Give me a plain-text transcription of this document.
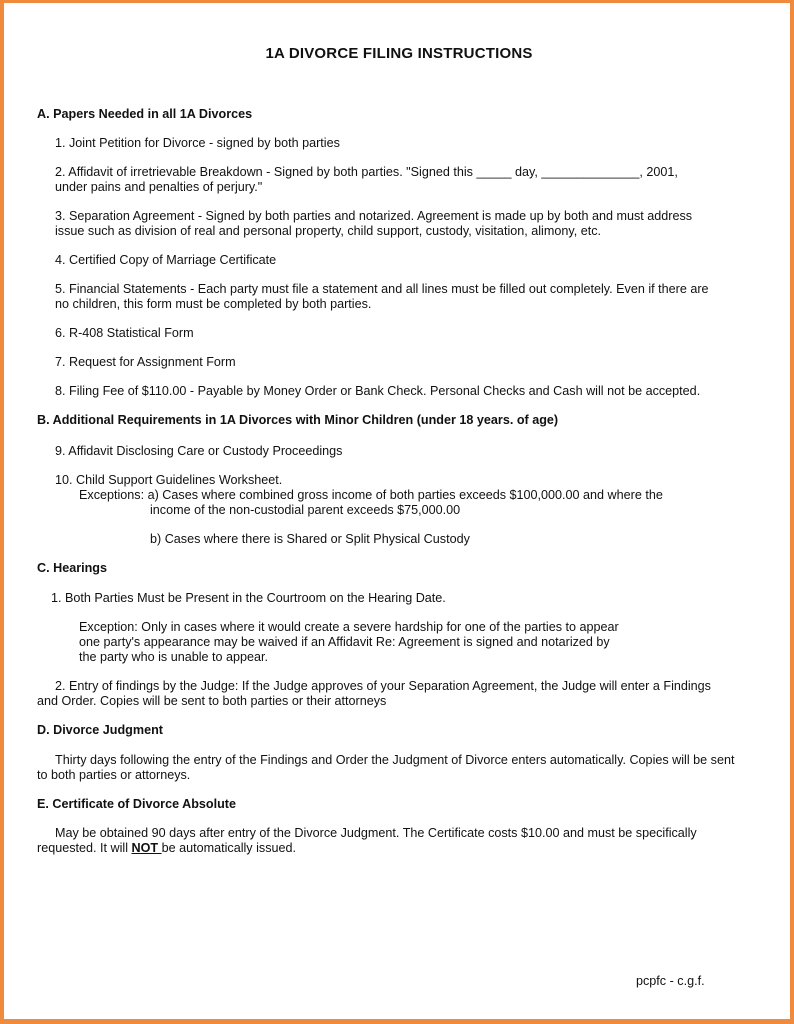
1A DIVORCE FILING INSTRUCTIONS
A. Papers Needed in all 1A Divorces
1. Joint Petition for Divorce - signed by both parties
2. Affidavit of irretrievable Breakdown - Signed by both parties. "Signed this _____ day, ______________, 2001,
under pains and penalties of perjury."
3. Separation Agreement - Signed by both parties and notarized. Agreement is made up by both and must address
issue such as division of real and personal property, child support, custody, visitation, alimony, etc.
4. Certified Copy of Marriage Certificate
5. Financial Statements - Each party must file a statement and all lines must be filled out completely. Even if there are
no children, this form must be completed by both parties.
6. R-408 Statistical Form
7. Request for Assignment Form
8. Filing Fee of $110.00 - Payable by Money Order or Bank Check. Personal Checks and Cash will not be accepted.
B. Additional Requirements in 1A Divorces with Minor Children (under 18 years. of age)
9. Affidavit Disclosing Care or Custody Proceedings
10. Child Support Guidelines Worksheet.
Exceptions: a) Cases where combined gross income of both parties exceeds $100,000.00 and where the
income of the non-custodial parent exceeds $75,000.00
b) Cases where there is Shared or Split Physical Custody
C. Hearings
1. Both Parties Must be Present in the Courtroom on the Hearing Date.
Exception: Only in cases where it would create a severe hardship for one of the parties to appear
one party's appearance may be waived if an Affidavit Re: Agreement is signed and notarized by
the party who is unable to appear.
2. Entry of findings by the Judge: If the Judge approves of your Separation Agreement, the Judge will enter a Findings
and Order. Copies will be sent to both parties or their attorneys
D. Divorce Judgment
Thirty days following the entry of the Findings and Order the Judgment of Divorce enters automatically. Copies will be sent
to both parties or attorneys.
E. Certificate of Divorce Absolute
May be obtained 90 days after entry of the Divorce Judgment. The Certificate costs $10.00 and must be specifically
requested. It will NOT be automatically issued.
pcpfc - c.g.f.
